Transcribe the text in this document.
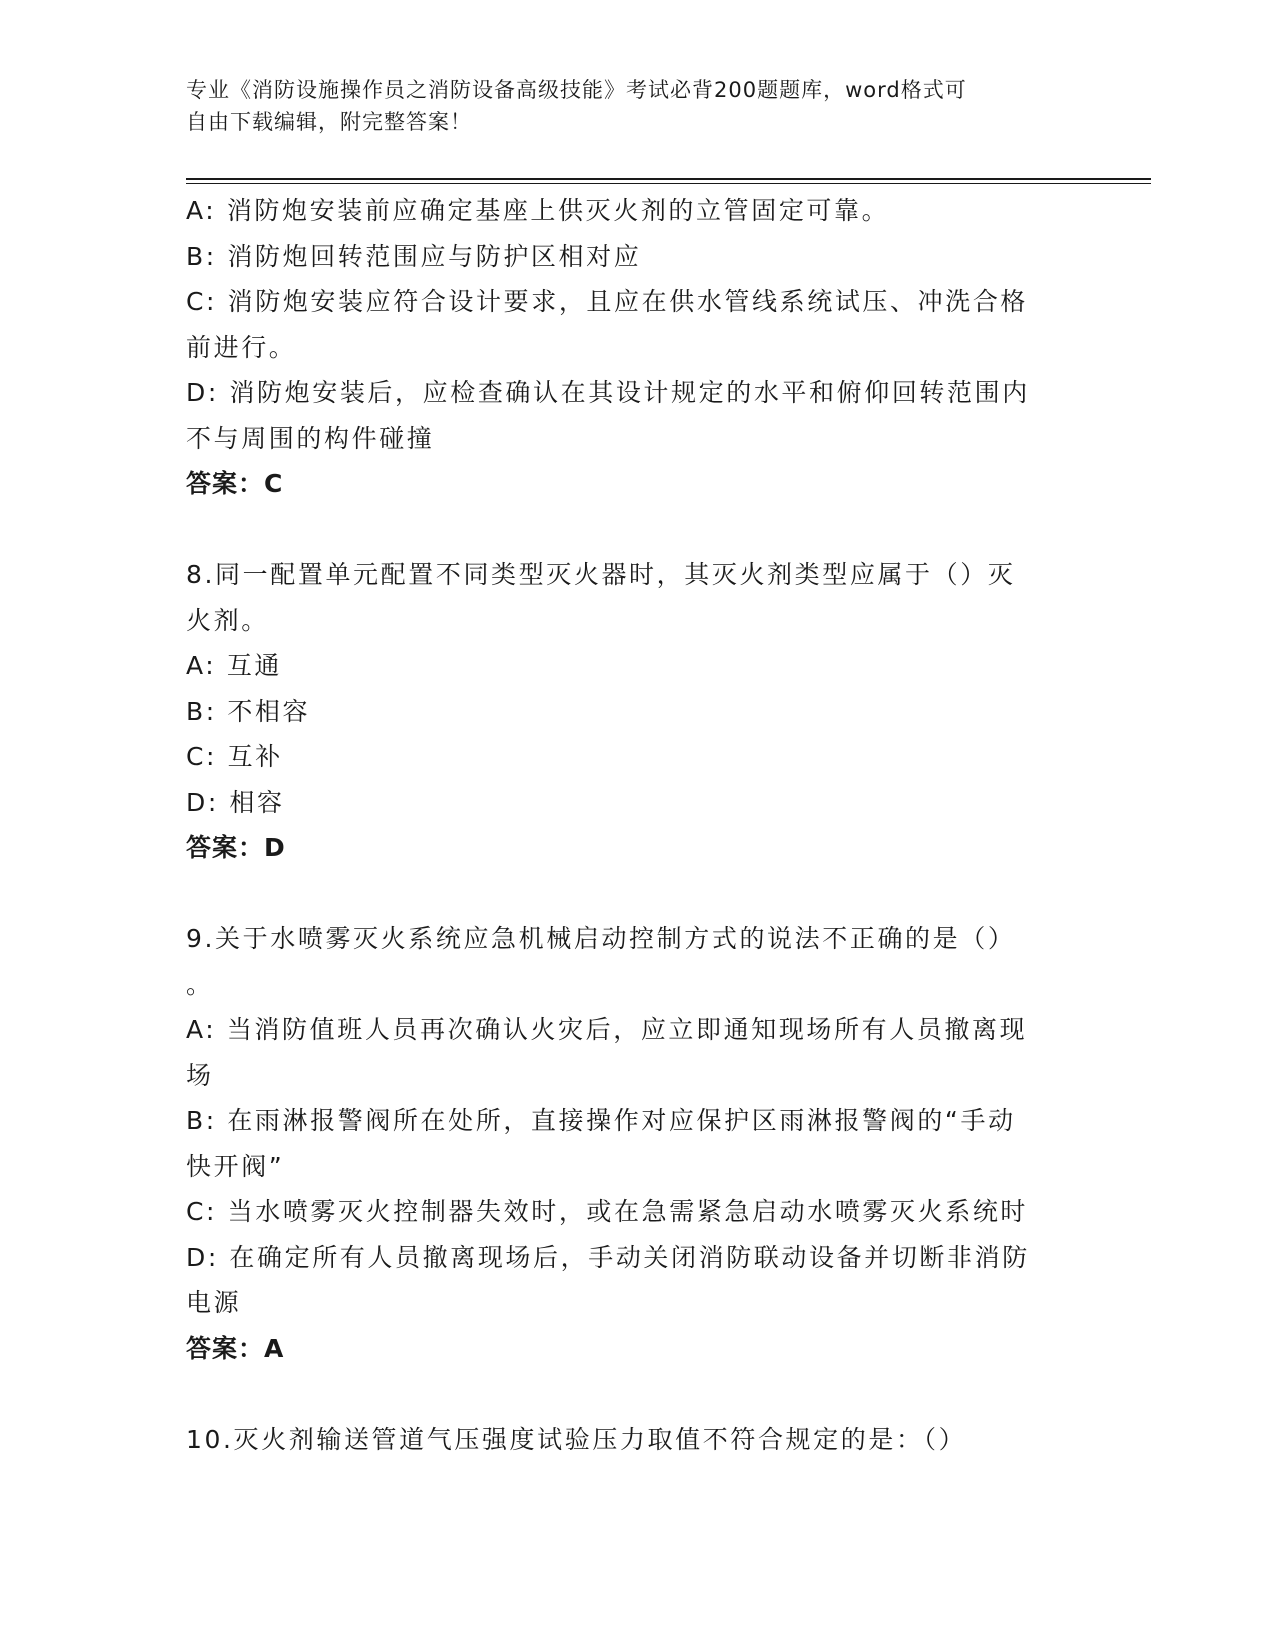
专业《消防设施操作员之消防设备高级技能》考试必背200题题库，word格式可
自由下载编辑，附完整答案！
A: 消防炮安装前应确定基座上供灭火剂的立管固定可靠。
B: 消防炮回转范围应与防护区相对应
C: 消防炮安装应符合设计要求，且应在供水管线系统试压、冲洗合格
前进行。
D: 消防炮安装后，应检查确认在其设计规定的水平和俯仰回转范围内
不与周围的构件碰撞
答案：C
8.同一配置单元配置不同类型灭火器时，其灭火剂类型应属于（）灭
火剂。
A: 互通
B: 不相容
C: 互补
D: 相容
答案：D
9.关于水喷雾灭火系统应急机械启动控制方式的说法不正确的是（）
。
A: 当消防值班人员再次确认火灾后，应立即通知现场所有人员撤离现
场
B: 在雨淋报警阀所在处所，直接操作对应保护区雨淋报警阀的“手动
快开阀”
C: 当水喷雾灭火控制器失效时，或在急需紧急启动水喷雾灭火系统时
D: 在确定所有人员撤离现场后，手动关闭消防联动设备并切断非消防
电源
答案：A
10.灭火剂输送管道气压强度试验压力取值不符合规定的是：（）
